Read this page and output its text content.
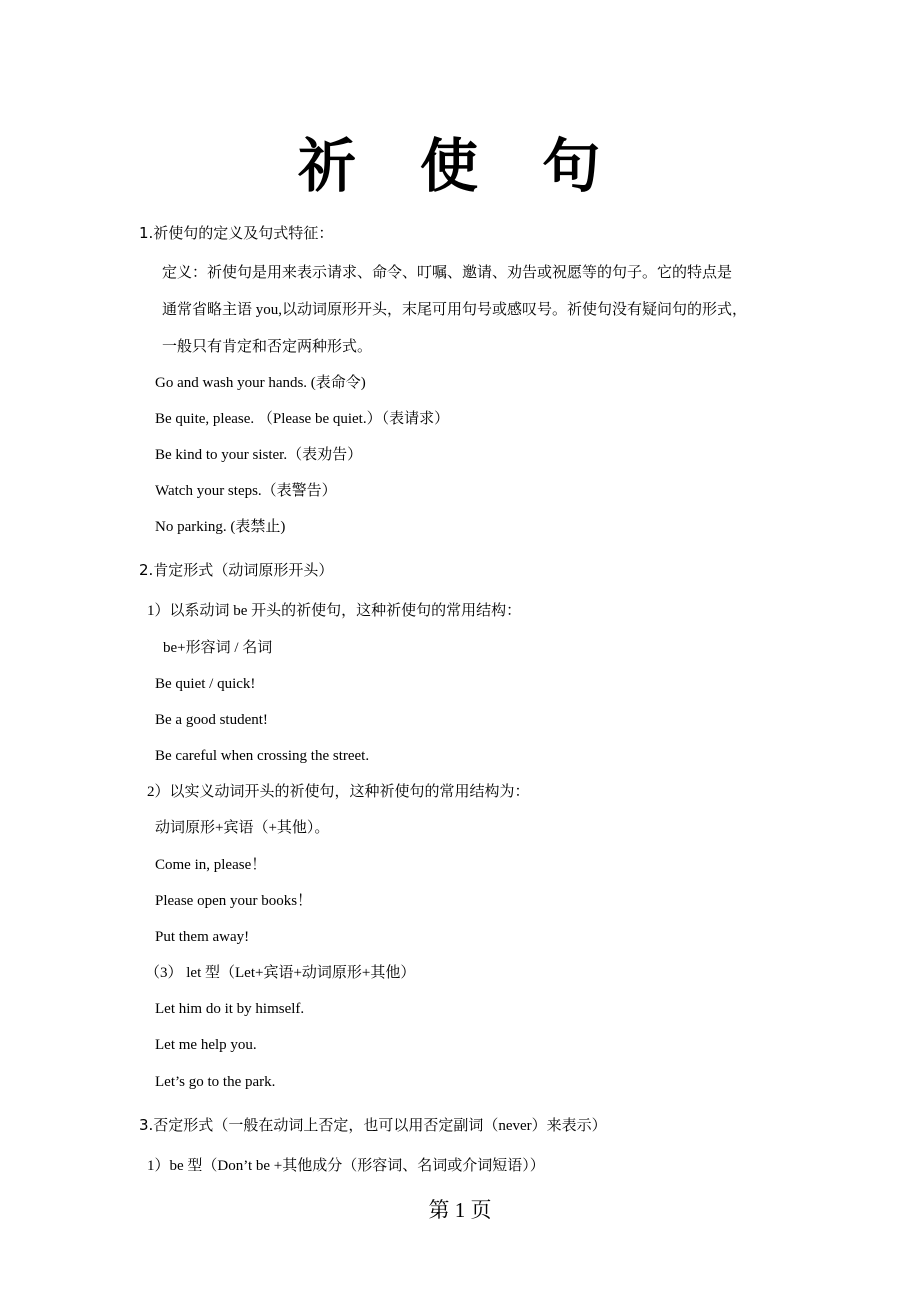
祈 使 句
1.祈使句的定义及句式特征：
定义：祈使句是用来表示请求、命令、叮嘱、邀请、劝告或祝愿等的句子。它的特点是
通常省略主语 you,以动词原形开头，末尾可用句号或感叹号。祈使句没有疑问句的形式，
一般只有肯定和否定两种形式。
Go and wash your hands. (表命令)
Be quite, please. （Please be quiet.）（表请求）
Be kind to your sister.（表劝告）
Watch your steps.（表警告）
No parking. (表禁止)
2.肯定形式（动词原形开头）
1）以系动词 be 开头的祈使句，这种祈使句的常用结构：
be+形容词 / 名词
Be quiet / quick!
Be a good student!
Be careful when crossing the street.
2）以实义动词开头的祈使句，这种祈使句的常用结构为：
动词原形+宾语（+其他）。
Come in, please！
Please open your books！
Put them away!
（3） let 型（Let+宾语+动词原形+其他）
Let him do it by himself.
Let me help you.
Let’s go to the park.
3.否定形式（一般在动词上否定，也可以用否定副词（never）来表示）
1）be 型（Don’t be +其他成分（形容词、名词或介词短语））
第 1 页
